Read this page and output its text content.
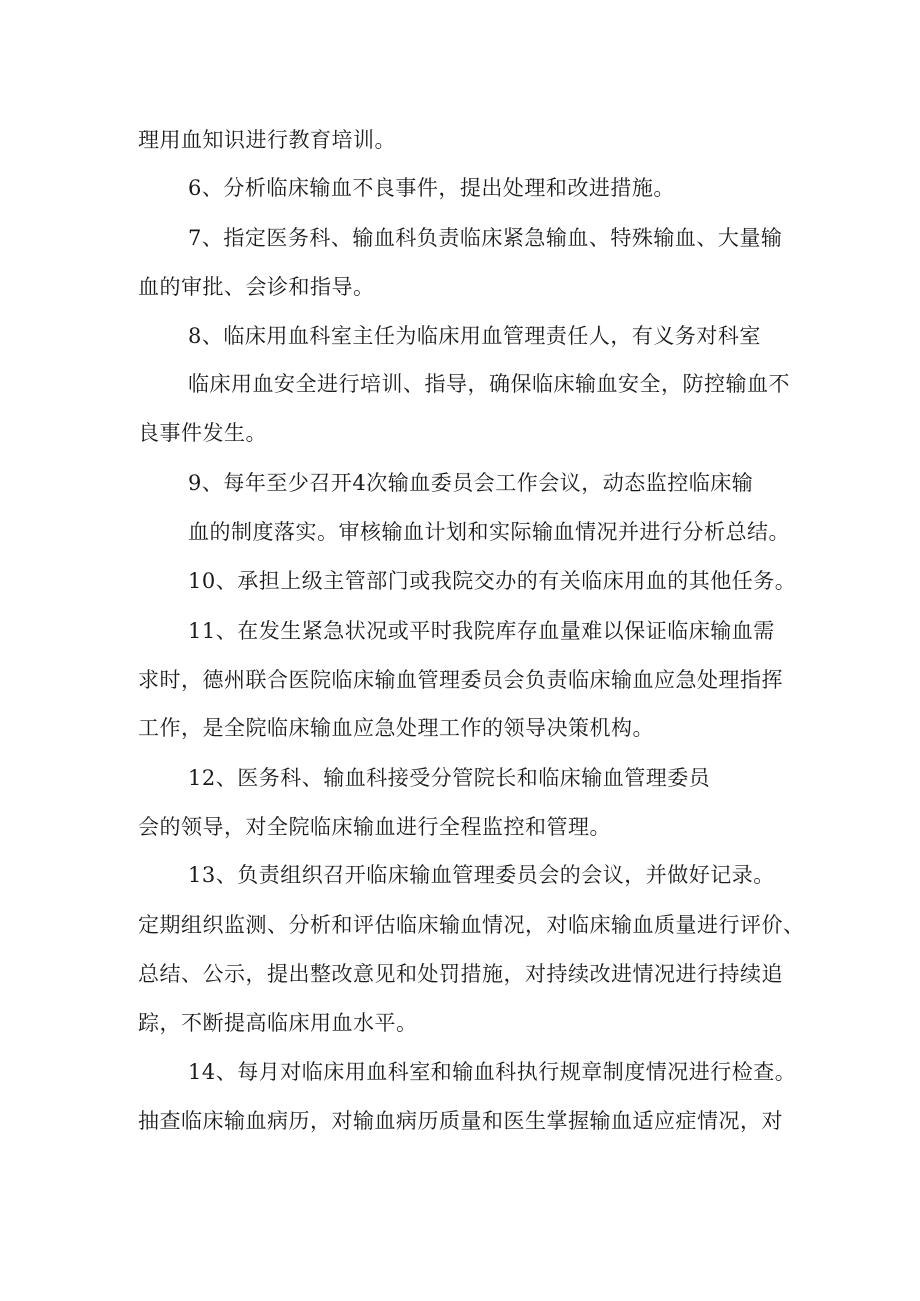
理用血知识进行教育培训。
6、分析临床输血不良事件，提出处理和改进措施。
7、指定医务科、输血科负责临床紧急输血、特殊输血、大量输
血的审批、会诊和指导。
8、临床用血科室主任为临床用血管理责任人，有义务对科室
临床用血安全进行培训、指导，确保临床输血安全，防控输血不
良事件发生。
9、每年至少召开4次输血委员会工作会议，动态监控临床输
血的制度落实。审核输血计划和实际输血情况并进行分析总结。
10、承担上级主管部门或我院交办的有关临床用血的其他任务。
11、在发生紧急状况或平时我院库存血量难以保证临床输血需
求时，德州联合医院临床输血管理委员会负责临床输血应急处理指挥
工作，是全院临床输血应急处理工作的领导决策机构。
12、医务科、输血科接受分管院长和临床输血管理委员
会的领导，对全院临床输血进行全程监控和管理。
13、负责组织召开临床输血管理委员会的会议，并做好记录。
定期组织监测、分析和评估临床输血情况，对临床输血质量进行评价、
总结、公示，提出整改意见和处罚措施，对持续改进情况进行持续追
踪，不断提高临床用血水平。
14、每月对临床用血科室和输血科执行规章制度情况进行检查。
抽查临床输血病历，对输血病历质量和医生掌握输血适应症情况，对
